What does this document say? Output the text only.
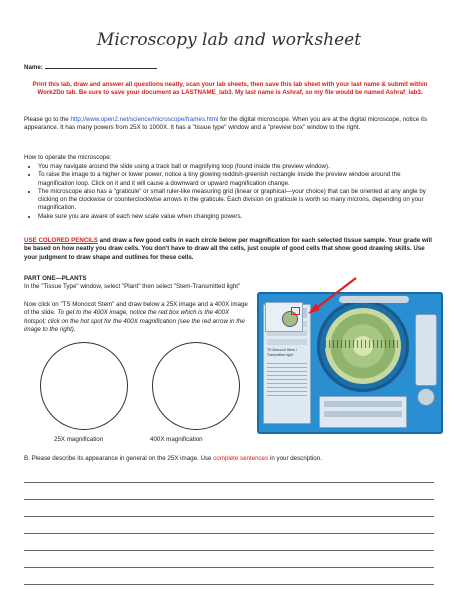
Microscopy lab and worksheet
Name:
Print this lab, draw and answer all questions neatly, scan your lab sheets, then save this lab sheet with your last name & submit within Work2Do tab. Be sure to save your document as LASTNAME_lab3. My last name is Ashraf, so my file would be named Ashraf_lab3.
Please go to the http://www.open2.net/science/microscope/frames.html for the digital microscope. When you are at the digital microscope, notice its appearance. It has many powers from 25X to 1000X. It has a "tissue type" window and a "preview box" window to the right.
How to operate the microscope:
• You may navigate around the slide using a track ball or magnifying loop (found inside the preview window).
• To raise the image to a higher or lower power, notice a tiny glowing reddish-greenish rectangle inside the preview window around the magnification loop. Click on it and it will cause a downward or upward magnification change.
• The microscope also has a "graticule" or small ruler-like measuring grid (linear or graphical—your choice) that can be oriented at any angle by clicking on the clockwise or counterclockwise arrows in the graticule. Each division on graticule is worth so many microns, depending on your magnification.
• Make sure you are aware of each new scale value when changing powers.
USE COLORED PENCILS and draw a few good cells in each circle below per magnification for each selected tissue sample. Your grade will be based on how neatly you draw cells. You don't have to draw all the cells, just couple of good cells that show good drawing skills. Use your judgment to draw shape and outlines for these cells.
PART ONE—PLANTS
In the "Tissue Type" window, select "Plant" then select "Stem-Transmitted light"
Now click on "TS Monocot Stem" and draw below a 25X image and a 400X image of the slide. To get to the 400X image, notice the red box which is the 400X hotspot; click on the hot spot for the 400X magnification (see the red arrow in the image to the right).
25X magnification	400X magnification
TS Monocot Stem / Transmitted light
B. Please describe its appearance in general on the 25X image. Use complete sentences in your description.
